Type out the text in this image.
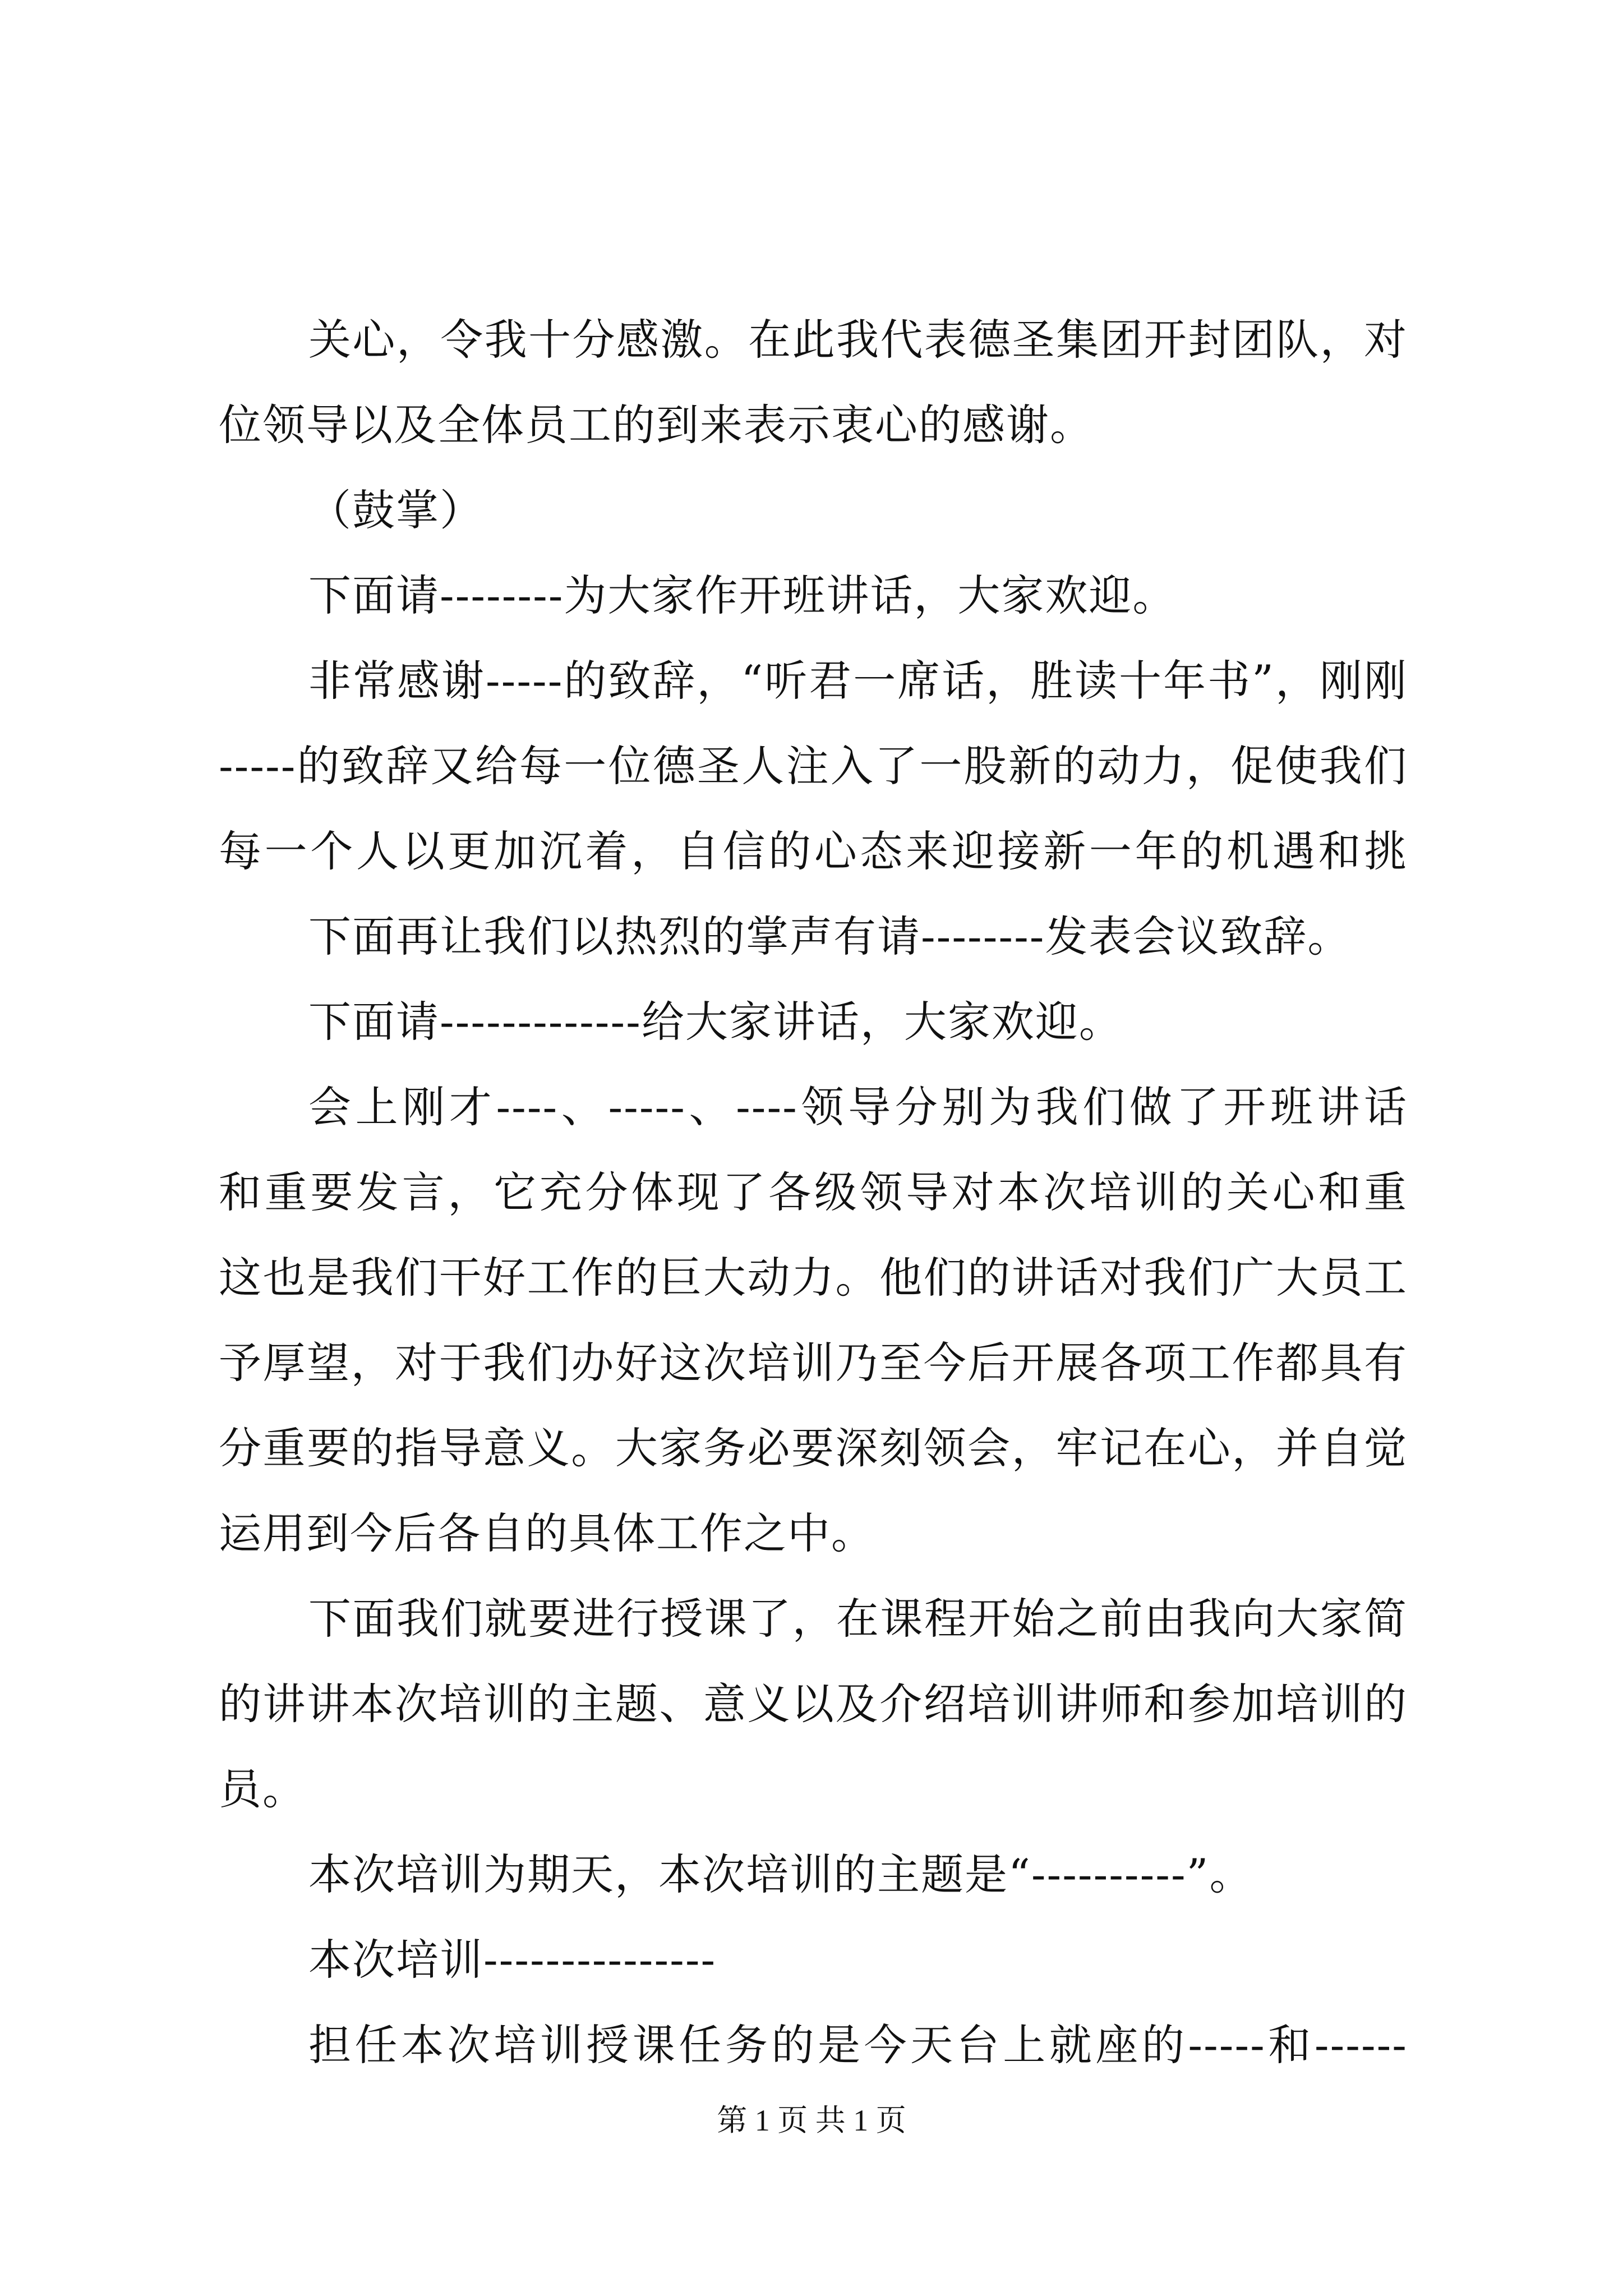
关心，令我十分感激。在此我代表德圣集团开封团队，对
位领导以及全体员工的到来表示衷心的感谢。
（鼓掌）
下面请--------为大家作开班讲话，大家欢迎。
非常感谢-----的致辞，“听君一席话，胜读十年书”，刚刚
-----的致辞又给每一位德圣人注入了一股新的动力，促使我们
每一个人以更加沉着，自信的心态来迎接新一年的机遇和挑
下面再让我们以热烈的掌声有请--------发表会议致辞。
下面请-------------给大家讲话，大家欢迎。
会上刚才----、-----、----领导分别为我们做了开班讲话
和重要发言，它充分体现了各级领导对本次培训的关心和重
这也是我们干好工作的巨大动力。他们的讲话对我们广大员工
予厚望，对于我们办好这次培训乃至今后开展各项工作都具有
分重要的指导意义。大家务必要深刻领会，牢记在心，并自觉
运用到今后各自的具体工作之中。
下面我们就要进行授课了，在课程开始之前由我向大家简
的讲讲本次培训的主题、意义以及介绍培训讲师和参加培训的
员。
本次培训为期天，本次培训的主题是“----------”。
本次培训---------------
担任本次培训授课任务的是今天台上就座的-----和------
第 1 页 共 1 页
